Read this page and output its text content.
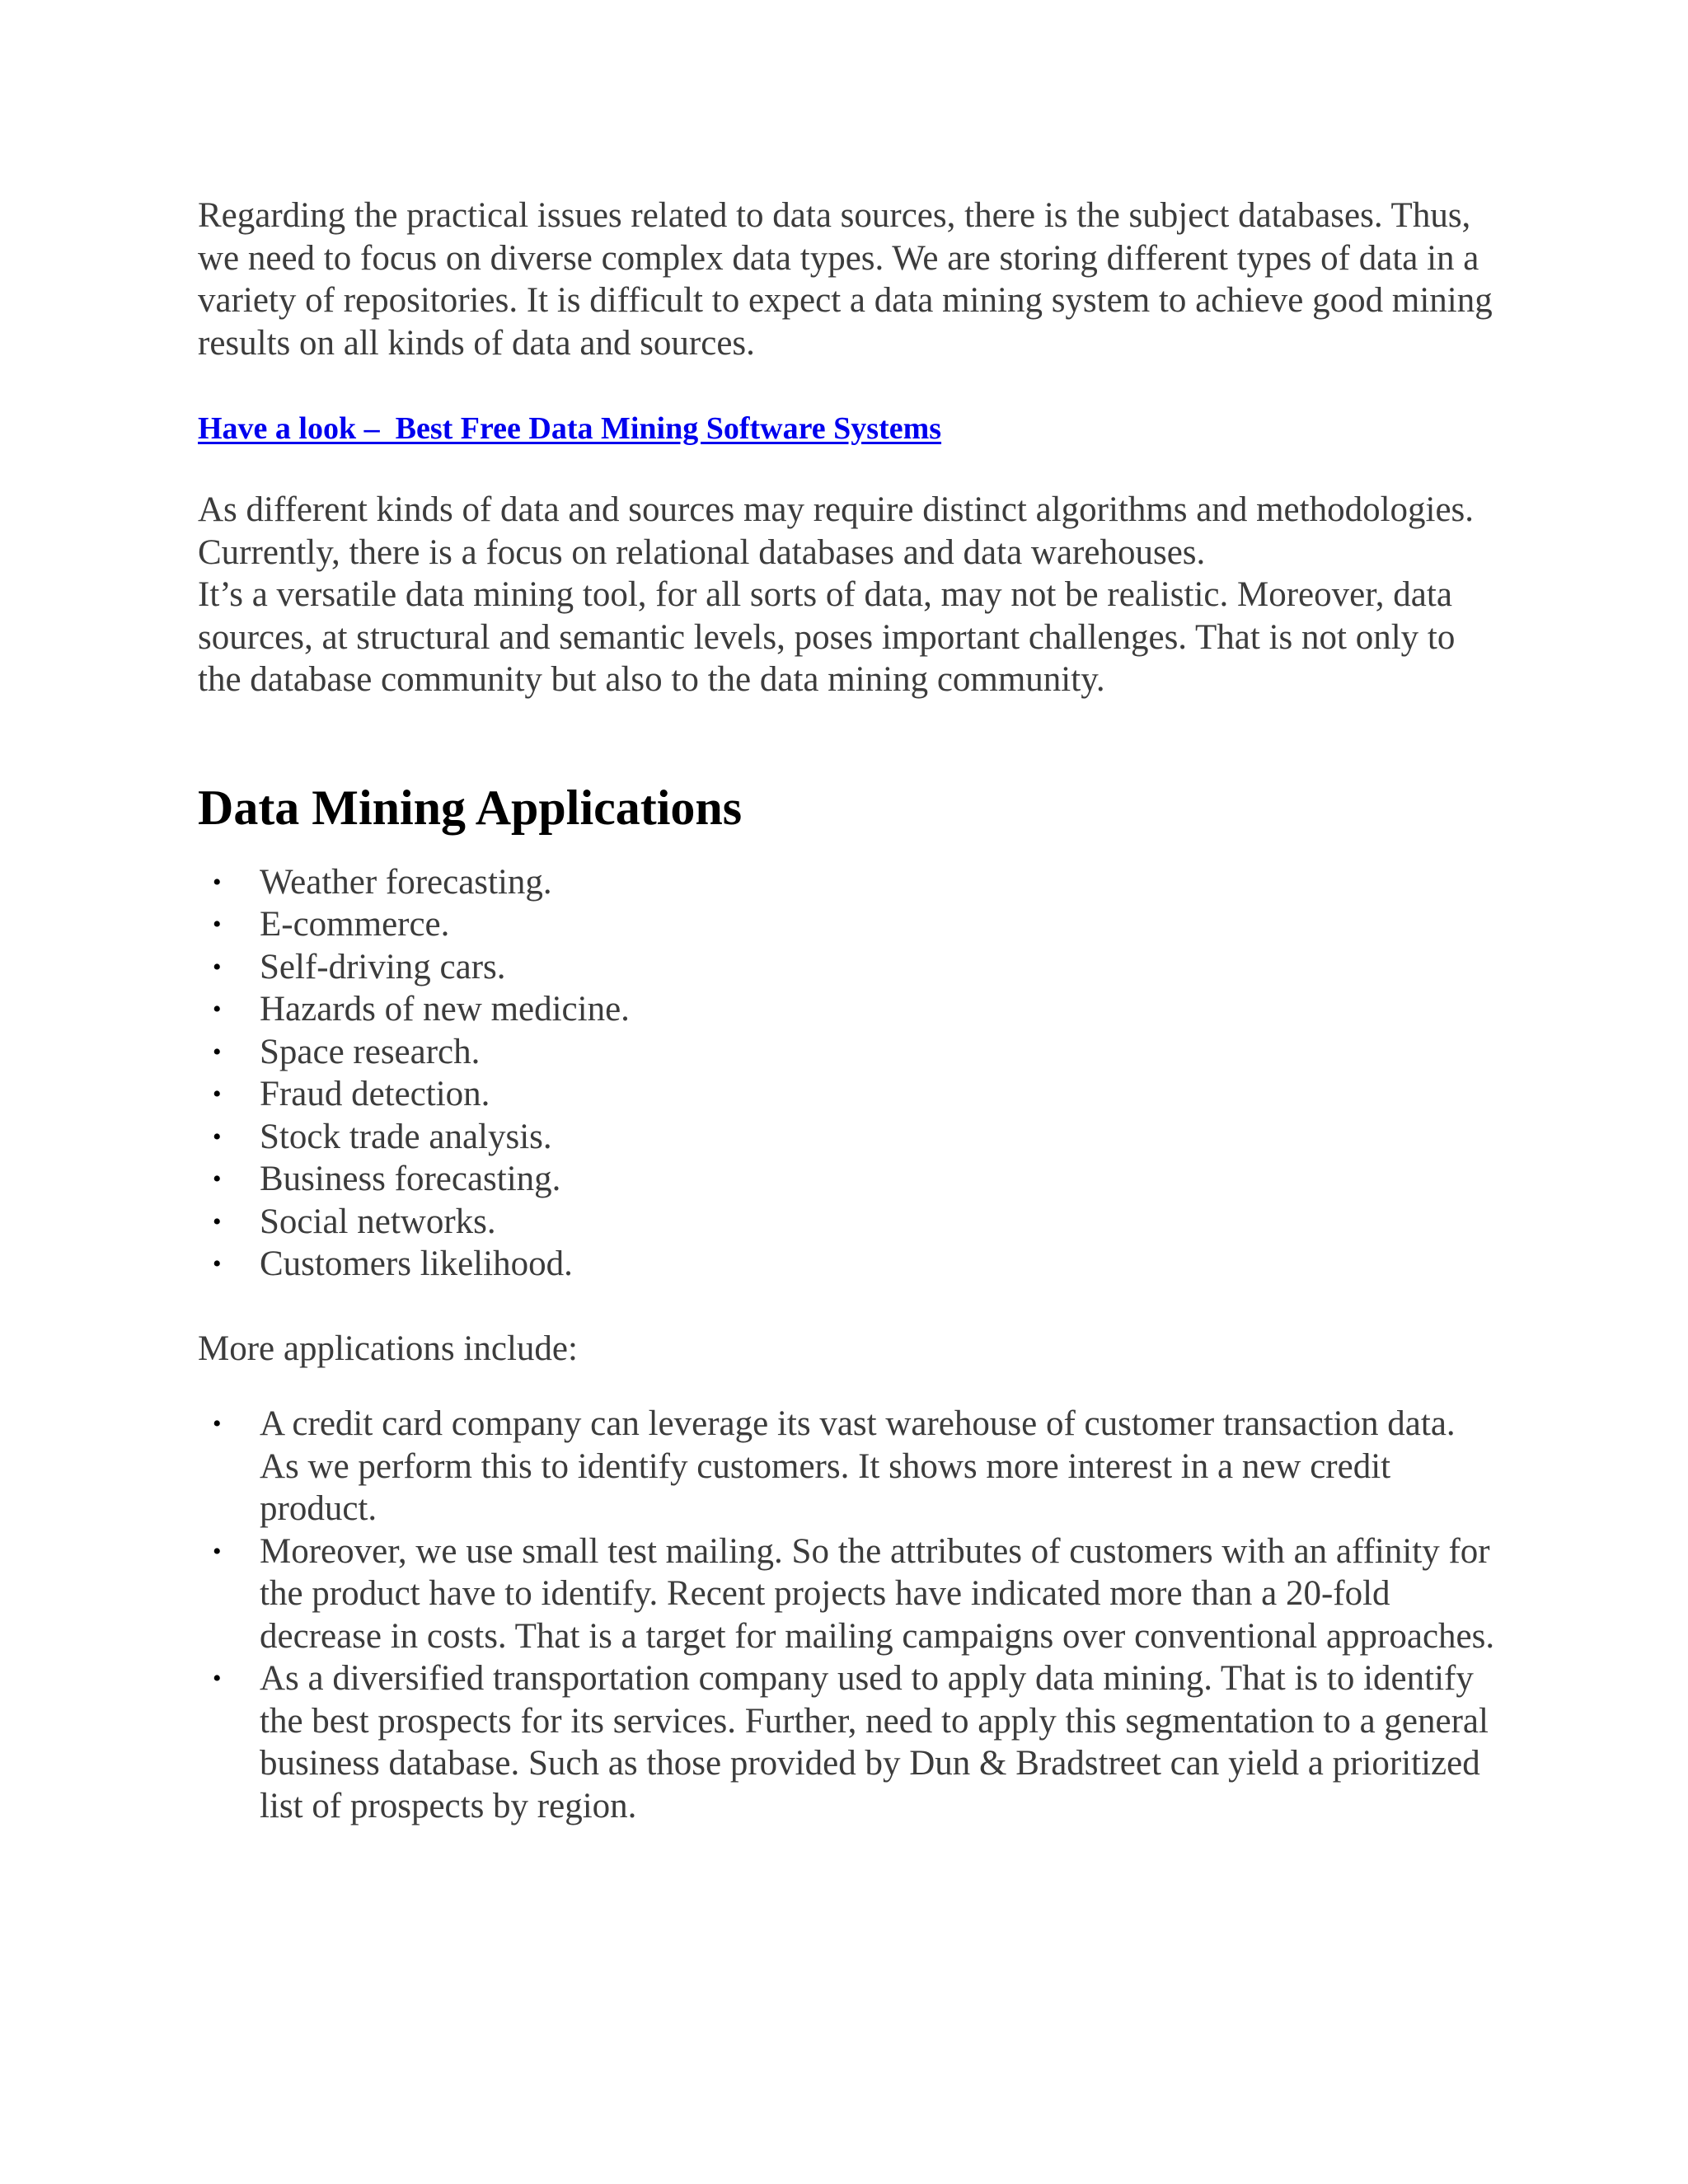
Regarding the practical issues related to data sources, there is the subject databases. Thus, we need to focus on diverse complex data types. We are storing different types of data in a variety of repositories. It is difficult to expect a data mining system to achieve good mining results on all kinds of data and sources.

Have a look –  Best Free Data Mining Software Systems

As different kinds of data and sources may require distinct algorithms and methodologies. Currently, there is a focus on relational databases and data warehouses.

It’s a versatile data mining tool, for all sorts of data, may not be realistic. Moreover, data sources, at structural and semantic levels, poses important challenges. That is not only to the database community but also to the data mining community.

Data Mining Applications
• Weather forecasting.
• E-commerce.
• Self-driving cars.
• Hazards of new medicine.
• Space research.
• Fraud detection.
• Stock trade analysis.
• Business forecasting.
• Social networks.
• Customers likelihood.

More applications include:

• A credit card company can leverage its vast warehouse of customer transaction data. As we perform this to identify customers. It shows more interest in a new credit product.
• Moreover, we use small test mailing. So the attributes of customers with an affinity for the product have to identify. Recent projects have indicated more than a 20-fold decrease in costs. That is a target for mailing campaigns over conventional approaches.
• As a diversified transportation company used to apply data mining. That is to identify the best prospects for its services. Further, need to apply this segmentation to a general business database. Such as those provided by Dun & Bradstreet can yield a prioritized list of prospects by region.
